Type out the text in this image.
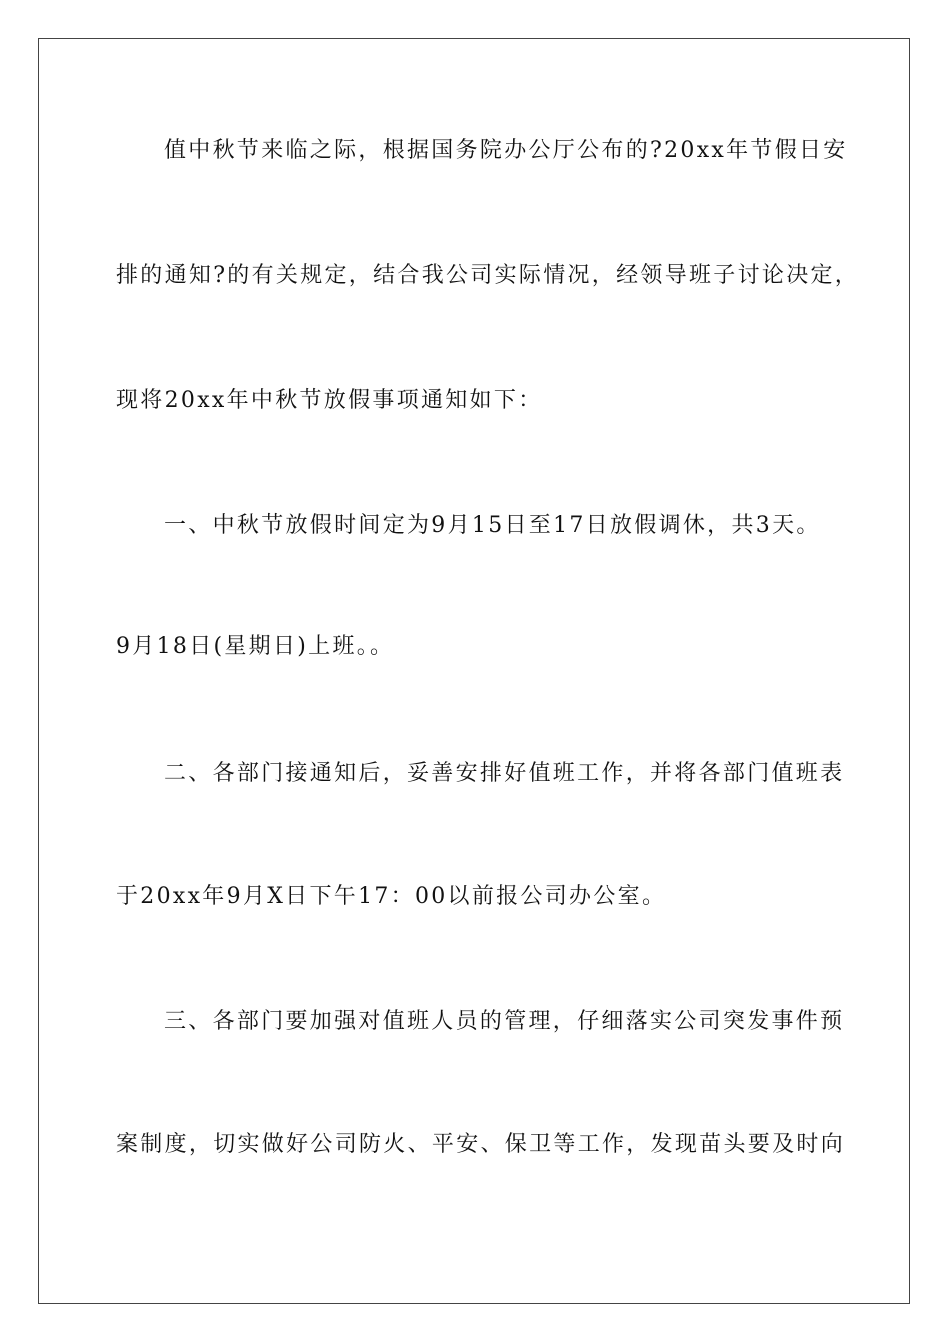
值中秋节来临之际，根据国务院办公厅公布的?20xx年节假日安

排的通知?的有关规定，结合我公司实际情况，经领导班子讨论决定，

现将20xx年中秋节放假事项通知如下：

一、中秋节放假时间定为9月15日至17日放假调休，共3天。

9月18日(星期日)上班。。

二、各部门接通知后，妥善安排好值班工作，并将各部门值班表

于20xx年9月X日下午17：00以前报公司办公室。

三、各部门要加强对值班人员的管理，仔细落实公司突发事件预

案制度，切实做好公司防火、平安、保卫等工作，发现苗头要及时向
